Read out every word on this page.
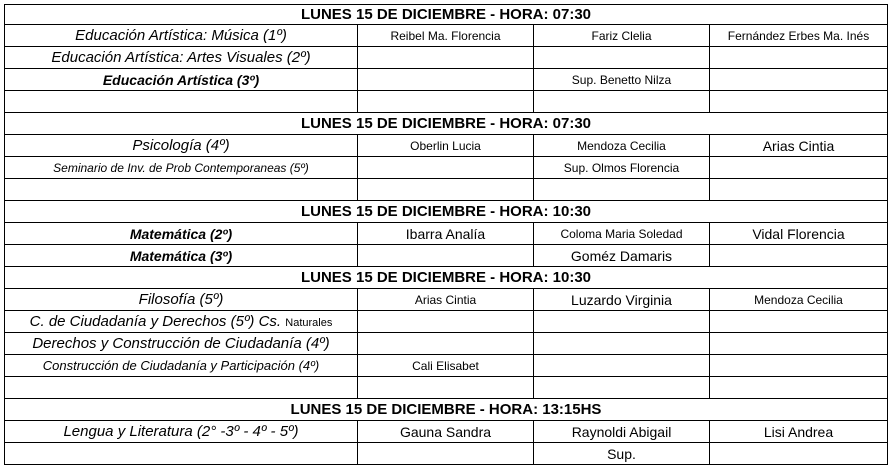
LUNES 15 DE DICIEMBRE - HORA: 07:30			
Educación Artística: Música (1º)	Reibel Ma. Florencia	Fariz Clelia	Fernández Erbes Ma. Inés
Educación Artística: Artes Visuales (2º)			
Educación Artística (3º)		Sup. Benetto Nilza	

LUNES 15 DE DICIEMBRE - HORA: 07:30			
Psicología (4º)	Oberlin Lucia	Mendoza Cecilia	Arias Cintia
Seminario de Inv. de Prob Contemporaneas (5º)		Sup. Olmos Florencia	

LUNES 15 DE DICIEMBRE - HORA: 10:30			
Matemática (2º)	Ibarra Analía	Coloma Maria Soledad	Vidal Florencia
Matemática (3º)		Goméz Damaris	
LUNES 15 DE DICIEMBRE - HORA: 10:30			
Filosofía (5º)	Arias Cintia	Luzardo Virginia	Mendoza Cecilia
C. de Ciudadanía y Derechos (5º) Cs. Naturales			
Derechos y Construcción de Ciudadanía (4º)			
Construcción de Ciudadanía y Participación (4º)	Cali Elisabet		

LUNES 15 DE DICIEMBRE - HORA: 13:15HS			
Lengua y Literatura (2° -3º - 4º - 5º)	Gauna Sandra	Raynoldi Abigail	Lisi Andrea
		Sup.	
